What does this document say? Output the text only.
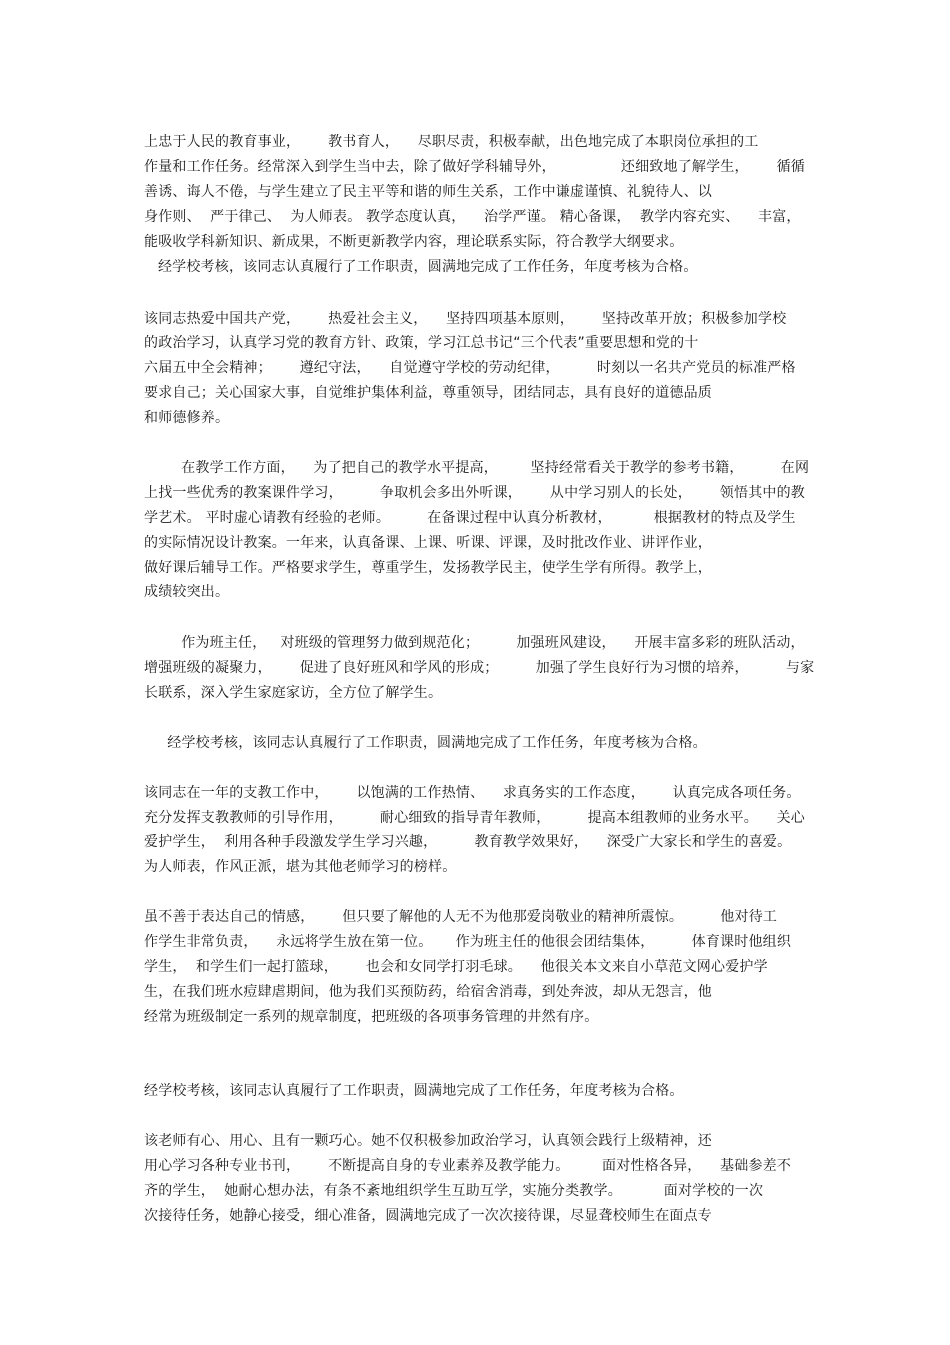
上忠于人民的教育事业，      教书育人，    尽职尽责，积极奉献，出色地完成了本职岗位承担的工
作量和工作任务。经常深入到学生当中去，除了做好学科辅导外，              还细致地了解学生，      循循
善诱、诲人不倦，与学生建立了民主平等和谐的师生关系，工作中谦虚谨慎、礼貌待人、以
身作则、  严于律己、  为人师表。 教学态度认真，    治学严谨。 精心备课，  教学内容充实、    丰富，
能吸收学科新知识、新成果，不断更新教学内容，理论联系实际，符合教学大纲要求。
经学校考核，该同志认真履行了工作职责，圆满地完成了工作任务，年度考核为合格。
该同志热爱中国共产党，      热爱社会主义，    坚持四项基本原则，      坚持改革开放；积极参加学校
的政治学习，认真学习党的教育方针、政策，学习江总书记“三个代表”重要思想和党的十
六届五中全会精神；      遵纪守法，    自觉遵守学校的劳动纪律，        时刻以一名共产党员的标准严格
要求自己；关心国家大事，自觉维护集体利益，尊重领导，团结同志，具有良好的道德品质
和师德修养。
在教学工作方面，    为了把自己的教学水平提高，       坚持经常看关于教学的参考书籍，        在网
上找一些优秀的教案课件学习，        争取机会多出外听课，      从中学习别人的长处，      领悟其中的教
学艺术。 平时虚心请教有经验的老师。        在备课过程中认真分析教材，         根据教材的特点及学生
的实际情况设计教案。一年来，认真备课、上课、听课、评课，及时批改作业、讲评作业，
做好课后辅导工作。严格要求学生，尊重学生，发扬教学民主，使学生学有所得。教学上，
成绩较突出。
作为班主任，   对班级的管理努力做到规范化；        加强班风建设，    开展丰富多彩的班队活动，
增强班级的凝聚力，      促进了良好班风和学风的形成；        加强了学生良好行为习惯的培养，        与家
长联系，深入学生家庭家访，全方位了解学生。
经学校考核，该同志认真履行了工作职责，圆满地完成了工作任务，年度考核为合格。
该同志在一年的支教工作中，      以饱满的工作热情、    求真务实的工作态度，      认真完成各项任务。
充分发挥支教教师的引导作用，        耐心细致的指导青年教师，        提高本组教师的业务水平。    关心
爱护学生，  利用各种手段激发学生学习兴趣，        教育教学效果好，    深受广大家长和学生的喜爱。
为人师表，作风正派，堪为其他老师学习的榜样。
虽不善于表达自己的情感，      但只要了解他的人无不为他那爱岗敬业的精神所震惊。        他对待工
作学生非常负责，    永远将学生放在第一位。     作为班主任的他很会团结集体，        体育课时他组织
学生，  和学生们一起打篮球，      也会和女同学打羽毛球。    他很关本文来自小草范文网心爱护学
生，在我们班水痘肆虐期间，他为我们买预防药，给宿舍消毒，到处奔波，却从无怨言，他
经常为班级制定一系列的规章制度，把班级的各项事务管理的井然有序。
经学校考核，该同志认真履行了工作职责，圆满地完成了工作任务，年度考核为合格。
该老师有心、用心、且有一颗巧心。她不仅积极参加政治学习，认真领会践行上级精神，还
用心学习各种专业书刊，      不断提高自身的专业素养及教学能力。       面对性格各异，    基础参差不
齐的学生，  她耐心想办法，有条不紊地组织学生互助互学，实施分类教学。         面对学校的一次
次接待任务，她静心接受，细心准备，圆满地完成了一次次接待课，尽显聋校师生在面点专
